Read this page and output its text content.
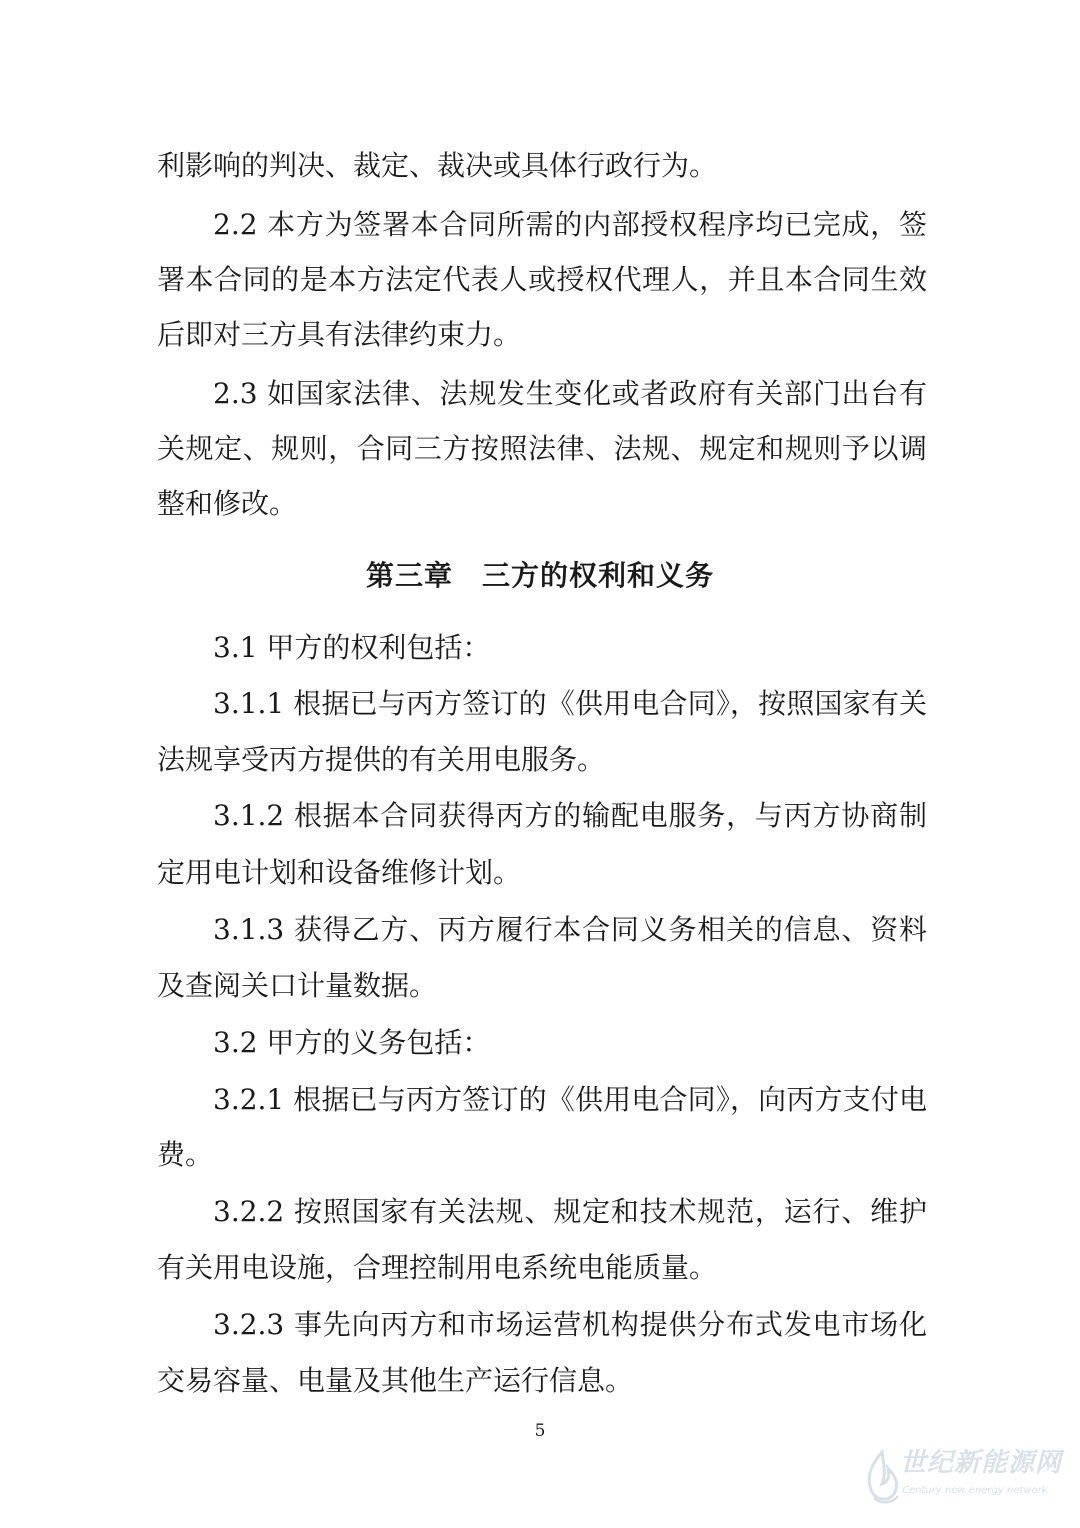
利影响的判决、裁定、裁决或具体行政行为。
2.2 本方为签署本合同所需的内部授权程序均已完成，签
署本合同的是本方法定代表人或授权代理人，并且本合同生效
后即对三方具有法律约束力。
2.3 如国家法律、法规发生变化或者政府有关部门出台有
关规定、规则，合同三方按照法律、法规、规定和规则予以调
整和修改。
第三章　三方的权利和义务
3.1 甲方的权利包括：
3.1.1 根据已与丙方签订的《供用电合同》，按照国家有关
法规享受丙方提供的有关用电服务。
3.1.2 根据本合同获得丙方的输配电服务，与丙方协商制
定用电计划和设备维修计划。
3.1.3 获得乙方、丙方履行本合同义务相关的信息、资料
及查阅关口计量数据。
3.2 甲方的义务包括：
3.2.1 根据已与丙方签订的《供用电合同》，向丙方支付电
费。
3.2.2 按照国家有关法规、规定和技术规范，运行、维护
有关用电设施，合理控制用电系统电能质量。
3.2.3 事先向丙方和市场运营机构提供分布式发电市场化
交易容量、电量及其他生产运行信息。
5
世纪新能源网
Century new energy network
